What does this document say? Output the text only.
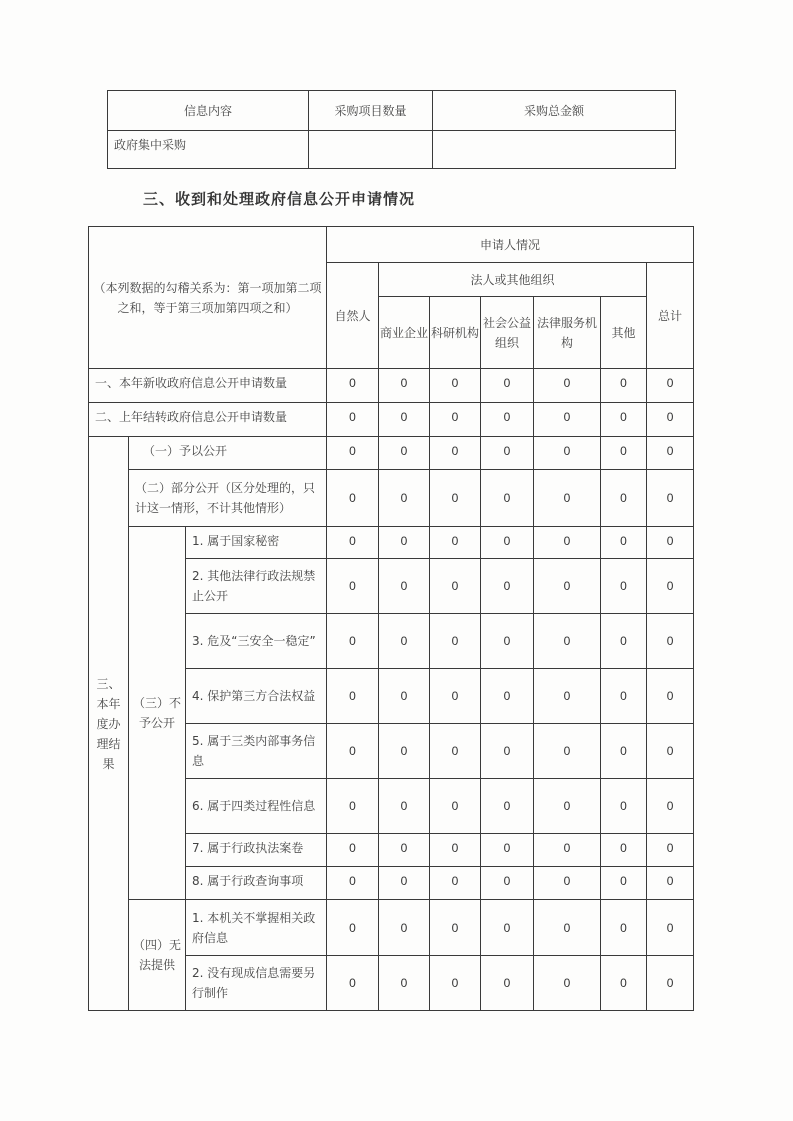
信息内容	采购项目数量	采购总金额
政府集中采购		
三、收到和处理政府信息公开申请情况
（本列数据的勾稽关系为：第一项加第二项之和，等于第三项加第四项之和）			申请人情况						
			自然人	法人或其他组织					总计
				商业企业	科研机构	社会公益组织	法律服务机构	其他	
一、本年新收政府信息公开申请数量			0	0	0	0	0	0	0
二、上年结转政府信息公开申请数量			0	0	0	0	0	0	0
三、本年度办理结果	（一）予以公开		0	0	0	0	0	0	0
	（二）部分公开（区分处理的，只计这一情形，不计其他情形）		0	0	0	0	0	0	0
	（三）不予公开	1. 属于国家秘密	0	0	0	0	0	0	0
		2. 其他法律行政法规禁止公开	0	0	0	0	0	0	0
		3. 危及“三安全一稳定”	0	0	0	0	0	0	0
		4. 保护第三方合法权益	0	0	0	0	0	0	0
		5. 属于三类内部事务信息	0	0	0	0	0	0	0
		6. 属于四类过程性信息	0	0	0	0	0	0	0
		7. 属于行政执法案卷	0	0	0	0	0	0	0
		8. 属于行政查询事项	0	0	0	0	0	0	0
	（四）无法提供	1. 本机关不掌握相关政府信息	0	0	0	0	0	0	0
		2. 没有现成信息需要另行制作	0	0	0	0	0	0	0
